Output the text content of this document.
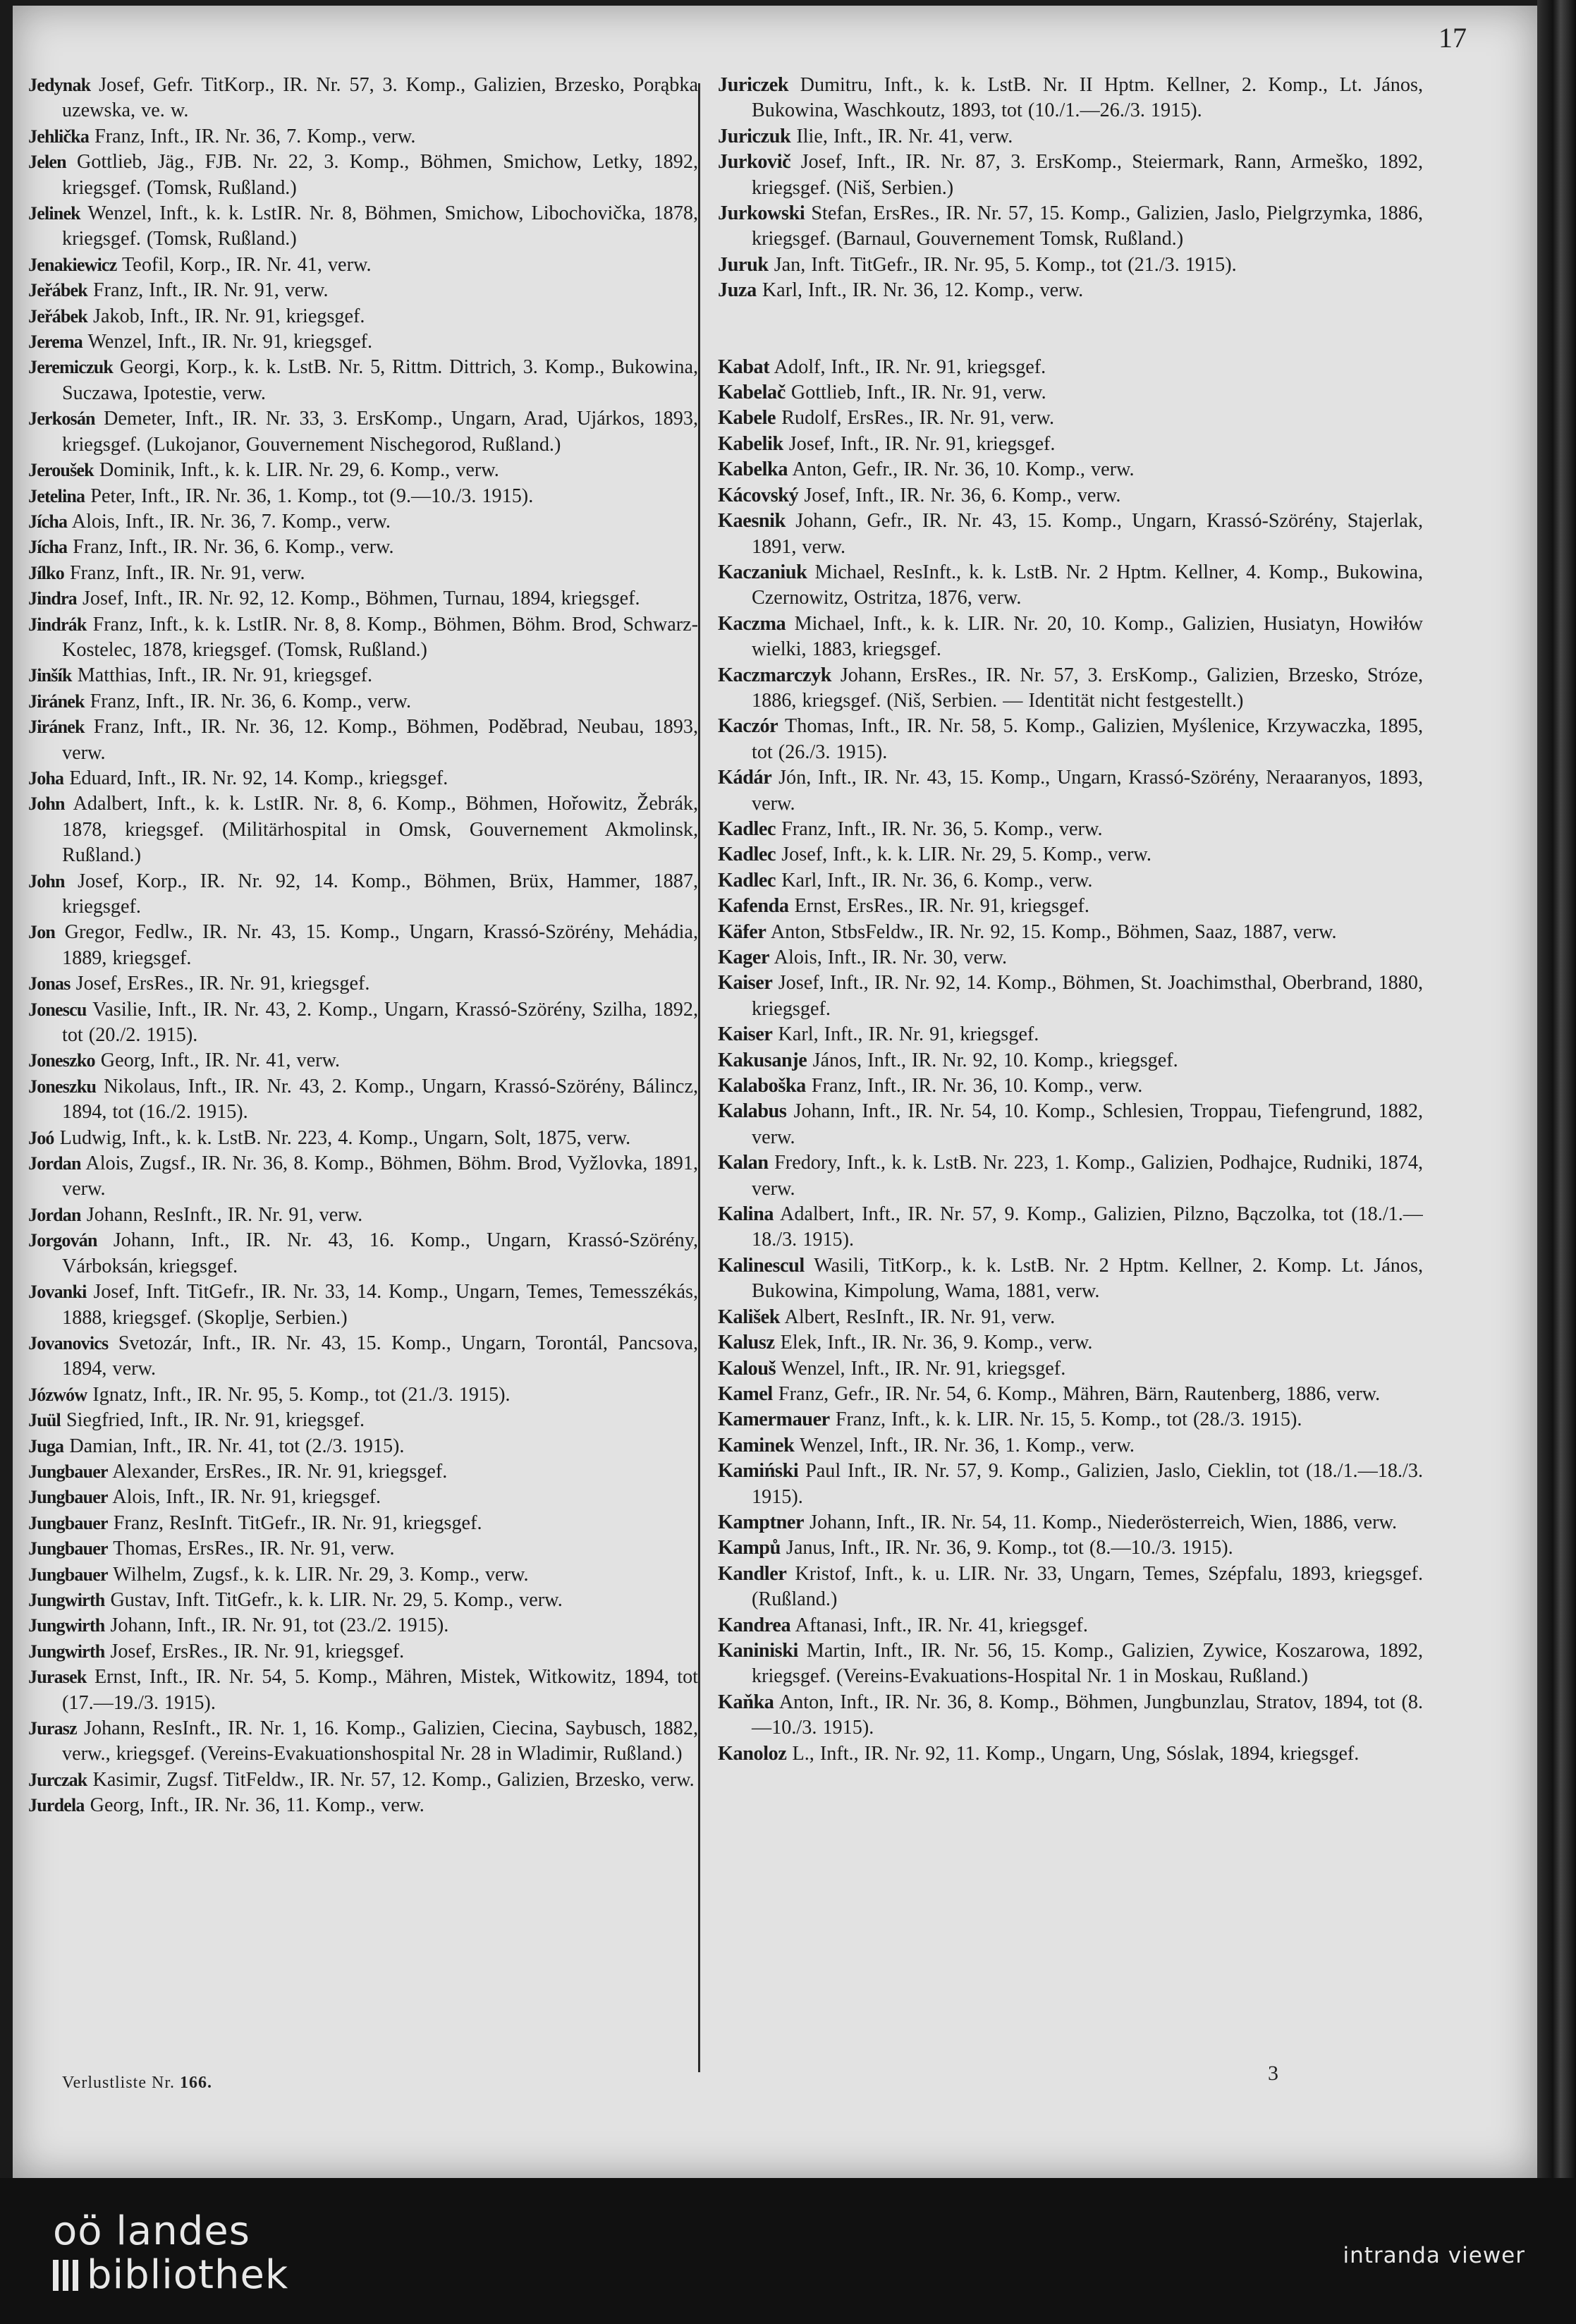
17
Jedynak Josef, Gefr. TitKorp., IR. Nr. 57, 3. Komp., Galizien, Brzesko, Porąbka uzewska, ve. w.
Jehlička Franz, Inft., IR. Nr. 36, 7. Komp., verw.
Jelen Gottlieb, Jäg., FJB. Nr. 22, 3. Komp., Böhmen, Smichow, Letky, 1892, kriegsgef. (Tomsk, Rußland.)
Jelinek Wenzel, Inft., k. k. LstIR. Nr. 8, Böhmen, Smichow, Libochovička, 1878, kriegsgef. (Tomsk, Rußland.)
Jenakiewicz Teofil, Korp., IR. Nr. 41, verw.
Jeřábek Franz, Inft., IR. Nr. 91, verw.
Jeřábek Jakob, Inft., IR. Nr. 91, kriegsgef.
Jerema Wenzel, Inft., IR. Nr. 91, kriegsgef.
Jeremiczuk Georgi, Korp., k. k. LstB. Nr. 5, Rittm. Dittrich, 3. Komp., Bukowina, Suczawa, Ipotestie, verw.
Jerkosán Demeter, Inft., IR. Nr. 33, 3. ErsKomp., Ungarn, Arad, Ujárkos, 1893, kriegsgef. (Lukojanor, Gouvernement Nischegorod, Rußland.)
Jeroušek Dominik, Inft., k. k. LIR. Nr. 29, 6. Komp., verw.
Jetelina Peter, Inft., IR. Nr. 36, 1. Komp., tot (9.—10./3. 1915).
Jícha Alois, Inft., IR. Nr. 36, 7. Komp., verw.
Jícha Franz, Inft., IR. Nr. 36, 6. Komp., verw.
Jílko Franz, Inft., IR. Nr. 91, verw.
Jindra Josef, Inft., IR. Nr. 92, 12. Komp., Böhmen, Turnau, 1894, kriegsgef.
Jindrák Franz, Inft., k. k. LstIR. Nr. 8, 8. Komp., Böhmen, Böhm. Brod, Schwarz-Kostelec, 1878, kriegsgef. (Tomsk, Rußland.)
Jinšík Matthias, Inft., IR. Nr. 91, kriegsgef.
Jiránek Franz, Inft., IR. Nr. 36, 6. Komp., verw.
Jiránek Franz, Inft., IR. Nr. 36, 12. Komp., Böhmen, Poděbrad, Neubau, 1893, verw.
Joha Eduard, Inft., IR. Nr. 92, 14. Komp., kriegsgef.
John Adalbert, Inft., k. k. LstIR. Nr. 8, 6. Komp., Böhmen, Hořowitz, Žebrák, 1878, kriegsgef. (Militärhospital in Omsk, Gouvernement Akmolinsk, Rußland.)
John Josef, Korp., IR. Nr. 92, 14. Komp., Böhmen, Brüx, Hammer, 1887, kriegsgef.
Jon Gregor, Fedlw., IR. Nr. 43, 15. Komp., Ungarn, Krassó-Szörény, Mehádia, 1889, kriegsgef.
Jonas Josef, ErsRes., IR. Nr. 91, kriegsgef.
Jonescu Vasilie, Inft., IR. Nr. 43, 2. Komp., Ungarn, Krassó-Szörény, Szilha, 1892, tot (20./2. 1915).
Joneszko Georg, Inft., IR. Nr. 41, verw.
Joneszku Nikolaus, Inft., IR. Nr. 43, 2. Komp., Ungarn, Krassó-Szörény, Bálincz, 1894, tot (16./2. 1915).
Joó Ludwig, Inft., k. k. LstB. Nr. 223, 4. Komp., Ungarn, Solt, 1875, verw.
Jordan Alois, Zugsf., IR. Nr. 36, 8. Komp., Böhmen, Böhm. Brod, Vyžlovka, 1891, verw.
Jordan Johann, ResInft., IR. Nr. 91, verw.
Jorgován Johann, Inft., IR. Nr. 43, 16. Komp., Ungarn, Krassó-Szörény, Várboksán, kriegsgef.
Jovanki Josef, Inft. TitGefr., IR. Nr. 33, 14. Komp., Ungarn, Temes, Temesszékás, 1888, kriegsgef. (Skoplje, Serbien.)
Jovanovics Svetozár, Inft., IR. Nr. 43, 15. Komp., Ungarn, Torontál, Pancsova, 1894, verw.
Józwów Ignatz, Inft., IR. Nr. 95, 5. Komp., tot (21./3. 1915).
Juül Siegfried, Inft., IR. Nr. 91, kriegsgef.
Juga Damian, Inft., IR. Nr. 41, tot (2./3. 1915).
Jungbauer Alexander, ErsRes., IR. Nr. 91, kriegsgef.
Jungbauer Alois, Inft., IR. Nr. 91, kriegsgef.
Jungbauer Franz, ResInft. TitGefr., IR. Nr. 91, kriegsgef.
Jungbauer Thomas, ErsRes., IR. Nr. 91, verw.
Jungbauer Wilhelm, Zugsf., k. k. LIR. Nr. 29, 3. Komp., verw.
Jungwirth Gustav, Inft. TitGefr., k. k. LIR. Nr. 29, 5. Komp., verw.
Jungwirth Johann, Inft., IR. Nr. 91, tot (23./2. 1915).
Jungwirth Josef, ErsRes., IR. Nr. 91, kriegsgef.
Jurasek Ernst, Inft., IR. Nr. 54, 5. Komp., Mähren, Mistek, Witkowitz, 1894, tot (17.—19./3. 1915).
Jurasz Johann, ResInft., IR. Nr. 1, 16. Komp., Galizien, Ciecina, Saybusch, 1882, verw., kriegsgef. (Vereins-Evakuationshospital Nr. 28 in Wladimir, Rußland.)
Jurczak Kasimir, Zugsf. TitFeldw., IR. Nr. 57, 12. Komp., Galizien, Brzesko, verw.
Jurdela Georg, Inft., IR. Nr. 36, 11. Komp., verw.
Juriczek Dumitru, Inft., k. k. LstB. Nr. II Hptm. Kellner, 2. Komp., Lt. János, Bukowina, Waschkoutz, 1893, tot (10./1.—26./3. 1915).
Juriczuk Ilie, Inft., IR. Nr. 41, verw.
Jurkovič Josef, Inft., IR. Nr. 87, 3. ErsKomp., Steiermark, Rann, Armeško, 1892, kriegsgef. (Niš, Serbien.)
Jurkowski Stefan, ErsRes., IR. Nr. 57, 15. Komp., Galizien, Jaslo, Pielgrzymka, 1886, kriegsgef. (Barnaul, Gouvernement Tomsk, Rußland.)
Juruk Jan, Inft. TitGefr., IR. Nr. 95, 5. Komp., tot (21./3. 1915).
Juza Karl, Inft., IR. Nr. 36, 12. Komp., verw.
Kabat Adolf, Inft., IR. Nr. 91, kriegsgef.
Kabelač Gottlieb, Inft., IR. Nr. 91, verw.
Kabele Rudolf, ErsRes., IR. Nr. 91, verw.
Kabelik Josef, Inft., IR. Nr. 91, kriegsgef.
Kabelka Anton, Gefr., IR. Nr. 36, 10. Komp., verw.
Kácovský Josef, Inft., IR. Nr. 36, 6. Komp., verw.
Kaesnik Johann, Gefr., IR. Nr. 43, 15. Komp., Ungarn, Krassó-Szörény, Stajerlak, 1891, verw.
Kaczaniuk Michael, ResInft., k. k. LstB. Nr. 2 Hptm. Kellner, 4. Komp., Bukowina, Czernowitz, Ostritza, 1876, verw.
Kaczma Michael, Inft., k. k. LIR. Nr. 20, 10. Komp., Galizien, Husiatyn, Howiłów wielki, 1883, kriegsgef.
Kaczmarczyk Johann, ErsRes., IR. Nr. 57, 3. ErsKomp., Galizien, Brzesko, Stróze, 1886, kriegsgef. (Niš, Serbien. — Identität nicht festgestellt.)
Kaczór Thomas, Inft., IR. Nr. 58, 5. Komp., Galizien, Myślenice, Krzywaczka, 1895, tot (26./3. 1915).
Kádár Jón, Inft., IR. Nr. 43, 15. Komp., Ungarn, Krassó-Szörény, Neraaranyos, 1893, verw.
Kadlec Franz, Inft., IR. Nr. 36, 5. Komp., verw.
Kadlec Josef, Inft., k. k. LIR. Nr. 29, 5. Komp., verw.
Kadlec Karl, Inft., IR. Nr. 36, 6. Komp., verw.
Kafenda Ernst, ErsRes., IR. Nr. 91, kriegsgef.
Käfer Anton, StbsFeldw., IR. Nr. 92, 15. Komp., Böhmen, Saaz, 1887, verw.
Kager Alois, Inft., IR. Nr. 30, verw.
Kaiser Josef, Inft., IR. Nr. 92, 14. Komp., Böhmen, St. Joachimsthal, Oberbrand, 1880, kriegsgef.
Kaiser Karl, Inft., IR. Nr. 91, kriegsgef.
Kakusanje János, Inft., IR. Nr. 92, 10. Komp., kriegsgef.
Kalaboška Franz, Inft., IR. Nr. 36, 10. Komp., verw.
Kalabus Johann, Inft., IR. Nr. 54, 10. Komp., Schlesien, Troppau, Tiefengrund, 1882, verw.
Kalan Fredory, Inft., k. k. LstB. Nr. 223, 1. Komp., Galizien, Podhajce, Rudniki, 1874, verw.
Kalina Adalbert, Inft., IR. Nr. 57, 9. Komp., Galizien, Pilzno, Bączolka, tot (18./1.—18./3. 1915).
Kalinescul Wasili, TitKorp., k. k. LstB. Nr. 2 Hptm. Kellner, 2. Komp. Lt. János, Bukowina, Kimpolung, Wama, 1881, verw.
Kališek Albert, ResInft., IR. Nr. 91, verw.
Kalusz Elek, Inft., IR. Nr. 36, 9. Komp., verw.
Kalouš Wenzel, Inft., IR. Nr. 91, kriegsgef.
Kamel Franz, Gefr., IR. Nr. 54, 6. Komp., Mähren, Bärn, Rautenberg, 1886, verw.
Kamermauer Franz, Inft., k. k. LIR. Nr. 15, 5. Komp., tot (28./3. 1915).
Kaminek Wenzel, Inft., IR. Nr. 36, 1. Komp., verw.
Kamiński Paul Inft., IR. Nr. 57, 9. Komp., Galizien, Jaslo, Cieklin, tot (18./1.—18./3. 1915).
Kamptner Johann, Inft., IR. Nr. 54, 11. Komp., Niederösterreich, Wien, 1886, verw.
Kampů Janus, Inft., IR. Nr. 36, 9. Komp., tot (8.—10./3. 1915).
Kandler Kristof, Inft., k. u. LIR. Nr. 33, Ungarn, Temes, Szépfalu, 1893, kriegsgef. (Rußland.)
Kandrea Aftanasi, Inft., IR. Nr. 41, kriegsgef.
Kaniniski Martin, Inft., IR. Nr. 56, 15. Komp., Galizien, Zywice, Koszarowa, 1892, kriegsgef. (Vereins-Evakuations-Hospital Nr. 1 in Moskau, Rußland.)
Kaňka Anton, Inft., IR. Nr. 36, 8. Komp., Böhmen, Jungbunzlau, Stratov, 1894, tot (8.—10./3. 1915).
Kanoloz L., Inft., IR. Nr. 92, 11. Komp., Ungarn, Ung, Sóslak, 1894, kriegsgef.
Verlustliste Nr. 166.	3
oö landes
bibliothek	intranda viewer
